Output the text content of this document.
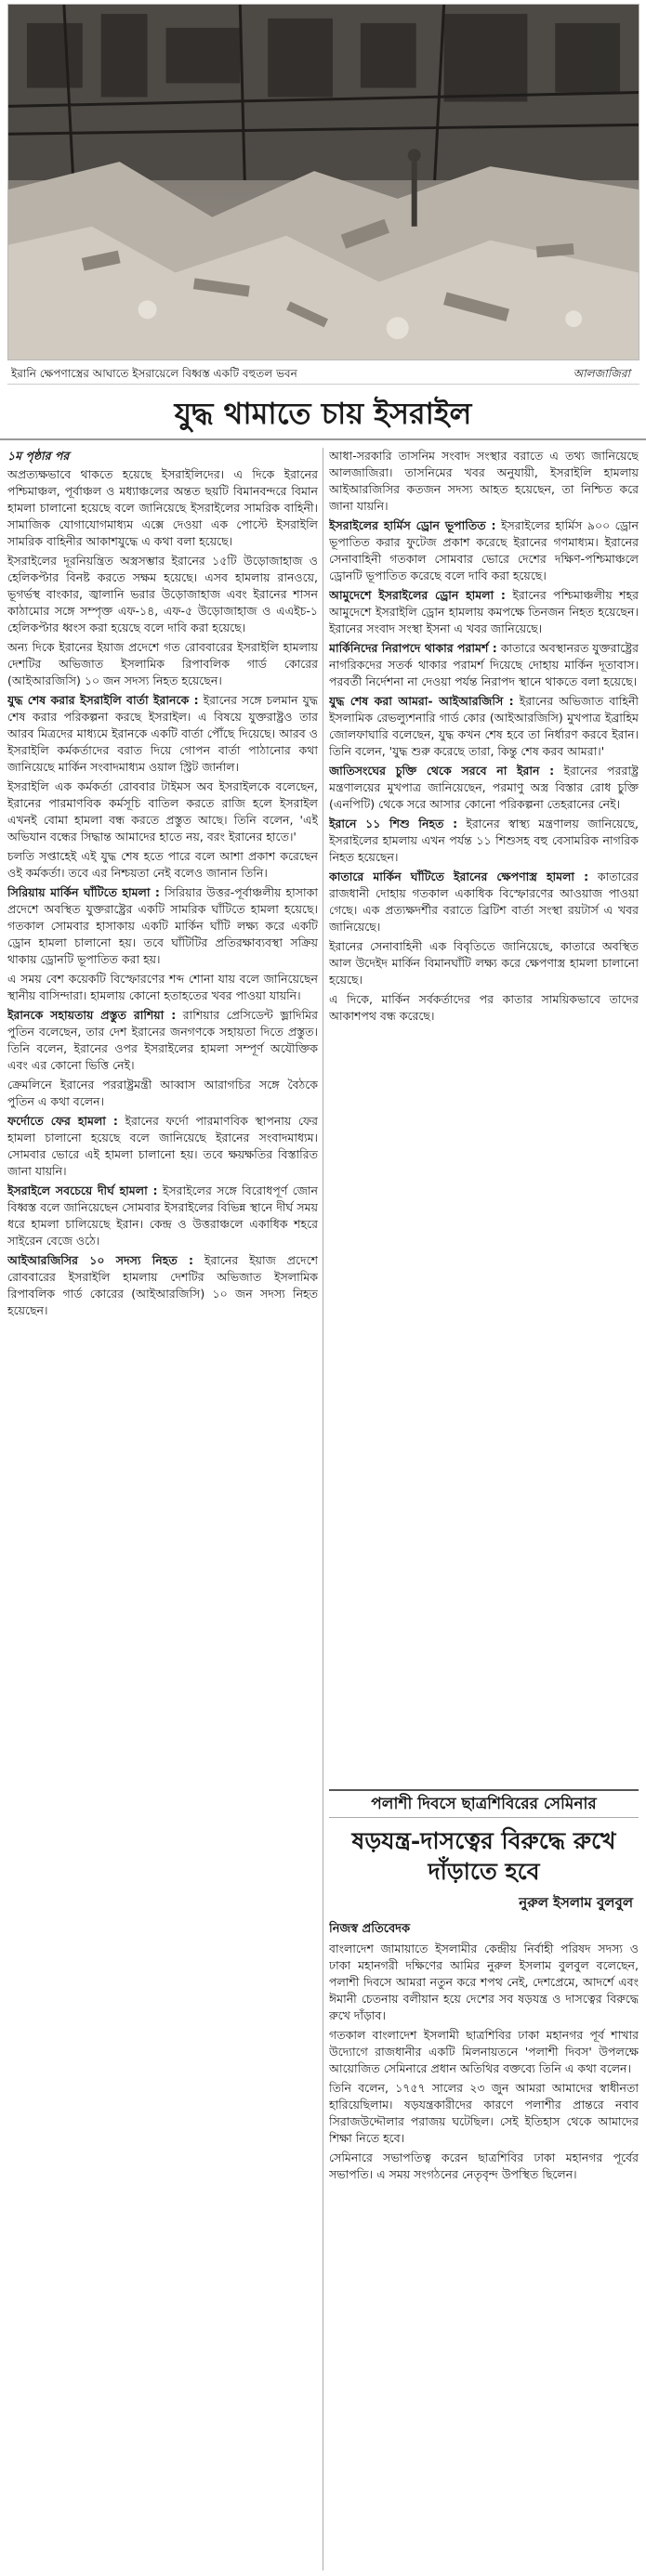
ইরানি ক্ষেপণাস্ত্রের আঘাতে ইসরায়েলে বিধ্বস্ত একটি বহুতল ভবন	আলজাজিরা
যুদ্ধ থামাতে চায় ইসরাইল

১ম পৃষ্ঠার পর

অপ্রত্যক্ষভাবে থাকতে হয়েছে ইসরাইলিদের। এ দিকে ইরানের পশ্চিমাঞ্চল, পূর্বাঞ্চল ও মধ্যাঞ্চলের অন্তত ছয়টি বিমানবন্দরে বিমান হামলা চালানো হয়েছে বলে জানিয়েছে ইসরাইলের সামরিক বাহিনী। সামাজিক যোগাযোগমাধ্যম এক্সে দেওয়া এক পোস্টে ইসরাইলি সামরিক বাহিনীর আকাশযুদ্ধে এ কথা বলা হয়েছে।

ইসরাইলের দূরনিয়ন্ত্রিত অস্ত্রসম্ভার ইরানের ১৫টি উড়োজাহাজ ও হেলিকপ্টার বিনষ্ট করতে সক্ষম হয়েছে। এসব হামলায় রানওয়ে, ভূগর্ভস্থ বাংকার, জ্বালানি ভরার উড়োজাহাজ এবং ইরানের শাসন কাঠামোর সঙ্গে সম্পৃক্ত এফ-১৪, এফ-৫ উড়োজাহাজ ও এএইচ-১ হেলিকপ্টার ধ্বংস করা হয়েছে বলে দাবি করা হয়েছে।

অন্য দিকে ইরানের ইয়াজ প্রদেশে গত রোববারের ইসরাইলি হামলায় দেশটির অভিজাত ইসলামিক রিপাবলিক গার্ড কোরের (আইআরজিসি) ১০ জন সদস্য নিহত হয়েছেন।

যুদ্ধ শেষ করার ইসরাইলি বার্তা ইরানকে : ইরানের সঙ্গে চলমান যুদ্ধ শেষ করার পরিকল্পনা করছে ইসরাইল। এ বিষয়ে যুক্তরাষ্ট্রও তার আরব মিত্রদের মাধ্যমে ইরানকে একটি বার্তা পৌঁছে দিয়েছে। আরব ও ইসরাইলি কর্মকর্তাদের বরাত দিয়ে গোপন বার্তা পাঠানোর কথা জানিয়েছে মার্কিন সংবাদমাধ্যম ওয়াল স্ট্রিট জার্নাল।

ইসরাইলি এক কর্মকর্তা রোববার টাইমস অব ইসরাইলকে বলেছেন, ইরানের পারমাণবিক কর্মসূচি বাতিল করতে রাজি হলে ইসরাইল এখনই বোমা হামলা বন্ধ করতে প্রস্তুত আছে। তিনি বলেন, 'এই অভিযান বন্ধের সিদ্ধান্ত আমাদের হাতে নয়, বরং ইরানের হাতে।'

চলতি সপ্তাহেই এই যুদ্ধ শেষ হতে পারে বলে আশা প্রকাশ করেছেন ওই কর্মকর্তা। তবে এর নিশ্চয়তা নেই বলেও জানান তিনি।

সিরিয়ায় মার্কিন ঘাঁটিতে হামলা : সিরিয়ার উত্তর-পূর্বাঞ্চলীয় হাসাকা প্রদেশে অবস্থিত যুক্তরাষ্ট্রের একটি সামরিক ঘাঁটিতে হামলা হয়েছে। গতকাল সোমবার হাসাকায় একটি মার্কিন ঘাঁটি লক্ষ্য করে একটি ড্রোন হামলা চালানো হয়। তবে ঘাঁটিটির প্রতিরক্ষাব্যবস্থা সক্রিয় থাকায় ড্রোনটি ভূপাতিত করা হয়।

এ সময় বেশ কয়েকটি বিস্ফোরণের শব্দ শোনা যায় বলে জানিয়েছেন স্থানীয় বাসিন্দারা। হামলায় কোনো হতাহতের খবর পাওয়া যায়নি।

ইরানকে সহায়তায় প্রস্তুত রাশিয়া : রাশিয়ার প্রেসিডেন্ট ভ্লাদিমির পুতিন বলেছেন, তার দেশ ইরানের জনগণকে সহায়তা দিতে প্রস্তুত। তিনি বলেন, ইরানের ওপর ইসরাইলের হামলা সম্পূর্ণ অযৌক্তিক এবং এর কোনো ভিত্তি নেই।

ক্রেমলিনে ইরানের পররাষ্ট্রমন্ত্রী আব্বাস আরাগচির সঙ্গে বৈঠকে পুতিন এ কথা বলেন।

ফর্দোতে ফের হামলা : ইরানের ফর্দো পারমাণবিক স্থাপনায় ফের হামলা চালানো হয়েছে বলে জানিয়েছে ইরানের সংবাদমাধ্যম। সোমবার ভোরে এই হামলা চালানো হয়। তবে ক্ষয়ক্ষতির বিস্তারিত জানা যায়নি।

ইসরাইলে সবচেয়ে দীর্ঘ হামলা : ইসরাইলের সঙ্গে বিরোধপূর্ণ জোন বিধ্বস্ত বলে জানিয়েছেন সোমবার ইসরাইলের বিভিন্ন স্থানে দীর্ঘ সময় ধরে হামলা চালিয়েছে ইরান। কেন্দ্র ও উত্তরাঞ্চলে একাধিক শহরে সাইরেন বেজে ওঠে।

আইআরজিসির ১০ সদস্য নিহত : ইরানের ইয়াজ প্রদেশে রোববারের ইসরাইলি হামলায় দেশটির অভিজাত ইসলামিক রিপাবলিক গার্ড কোরের (আইআরজিসি) ১০ জন সদস্য নিহত হয়েছেন।

আধা-সরকারি তাসনিম সংবাদ সংস্থার বরাতে এ তথ্য জানিয়েছে আলজাজিরা। তাসনিমের খবর অনুযায়ী, ইসরাইলি হামলায় আইআরজিসির কতজন সদস্য আহত হয়েছেন, তা নিশ্চিত করে জানা যায়নি।

ইসরাইলের হার্মিস ড্রোন ভূপাতিত : ইসরাইলের হার্মিস ৯০০ ড্রোন ভূপাতিত করার ফুটেজ প্রকাশ করেছে ইরানের গণমাধ্যম। ইরানের সেনাবাহিনী গতকাল সোমবার ভোরে দেশের দক্ষিণ-পশ্চিমাঞ্চলে ড্রোনটি ভূপাতিত করেছে বলে দাবি করা হয়েছে।

আমুদেশে ইসরাইলের ড্রোন হামলা : ইরানের পশ্চিমাঞ্চলীয় শহর আমুদেশে ইসরাইলি ড্রোন হামলায় কমপক্ষে তিনজন নিহত হয়েছেন। ইরানের সংবাদ সংস্থা ইসনা এ খবর জানিয়েছে।

মার্কিনিদের নিরাপদে থাকার পরামর্শ : কাতারে অবস্থানরত যুক্তরাষ্ট্রের নাগরিকদের সতর্ক থাকার পরামর্শ দিয়েছে দোহায় মার্কিন দূতাবাস। পরবর্তী নির্দেশনা না দেওয়া পর্যন্ত নিরাপদ স্থানে থাকতে বলা হয়েছে।

যুদ্ধ শেষ করা আমরা- আইআরজিসি : ইরানের অভিজাত বাহিনী ইসলামিক রেভল্যুশনারি গার্ড কোর (আইআরজিসি) মুখপাত্র ইব্রাহিম জোলফাঘারি বলেছেন, যুদ্ধ কখন শেষ হবে তা নির্ধারণ করবে ইরান। তিনি বলেন, 'যুদ্ধ শুরু করেছে তারা, কিন্তু শেষ করব আমরা।'

জাতিসংঘের চুক্তি থেকে সরবে না ইরান : ইরানের পররাষ্ট্র মন্ত্রণালয়ের মুখপাত্র জানিয়েছেন, পরমাণু অস্ত্র বিস্তার রোধ চুক্তি (এনপিটি) থেকে সরে আসার কোনো পরিকল্পনা তেহরানের নেই।

ইরানে ১১ শিশু নিহত : ইরানের স্বাস্থ্য মন্ত্রণালয় জানিয়েছে, ইসরাইলের হামলায় এখন পর্যন্ত ১১ শিশুসহ বহু বেসামরিক নাগরিক নিহত হয়েছেন।

কাতারে মার্কিন ঘাঁটিতে ইরানের ক্ষেপণাস্ত্র হামলা : কাতারের রাজধানী দোহায় গতকাল একাধিক বিস্ফোরণের আওয়াজ পাওয়া গেছে। এক প্রত্যক্ষদর্শীর বরাতে ব্রিটিশ বার্তা সংস্থা রয়টার্স এ খবর জানিয়েছে।

ইরানের সেনাবাহিনী এক বিবৃতিতে জানিয়েছে, কাতারে অবস্থিত আল উদেইদ মার্কিন বিমানঘাঁটি লক্ষ্য করে ক্ষেপণাস্ত্র হামলা চালানো হয়েছে।

এ দিকে, মার্কিন সর্বকর্তাদের পর কাতার সাময়িকভাবে তাদের আকাশপথ বন্ধ করেছে।

পলাশী দিবসে ছাত্রশিবিরের সেমিনার
ষড়যন্ত্র-দাসত্বের বিরুদ্ধে রুখে দাঁড়াতে হবে
নুরুল ইসলাম বুলবুল

নিজস্ব প্রতিবেদক

বাংলাদেশ জামায়াতে ইসলামীর কেন্দ্রীয় নির্বাহী পরিষদ সদস্য ও ঢাকা মহানগরী দক্ষিণের আমির নুরুল ইসলাম বুলবুল বলেছেন, পলাশী দিবসে আমরা নতুন করে শপথ নেই, দেশপ্রেমে, আদর্শে এবং ঈমানী চেতনায় বলীয়ান হয়ে দেশের সব ষড়যন্ত্র ও দাসত্বের বিরুদ্ধে রুখে দাঁড়াব।

গতকাল বাংলাদেশ ইসলামী ছাত্রশিবির ঢাকা মহানগর পূর্ব শাখার উদ্যোগে রাজধানীর একটি মিলনায়তনে 'পলাশী দিবস' উপলক্ষে আয়োজিত সেমিনারে প্রধান অতিথির বক্তব্যে তিনি এ কথা বলেন।

তিনি বলেন, ১৭৫৭ সালের ২৩ জুন আমরা আমাদের স্বাধীনতা হারিয়েছিলাম। ষড়যন্ত্রকারীদের কারণে পলাশীর প্রান্তরে নবাব সিরাজউদ্দৌলার পরাজয় ঘটেছিল। সেই ইতিহাস থেকে আমাদের শিক্ষা নিতে হবে।

সেমিনারে সভাপতিত্ব করেন ছাত্রশিবির ঢাকা মহানগর পূর্বের সভাপতি। এ সময় সংগঠনের নেতৃবৃন্দ উপস্থিত ছিলেন।
